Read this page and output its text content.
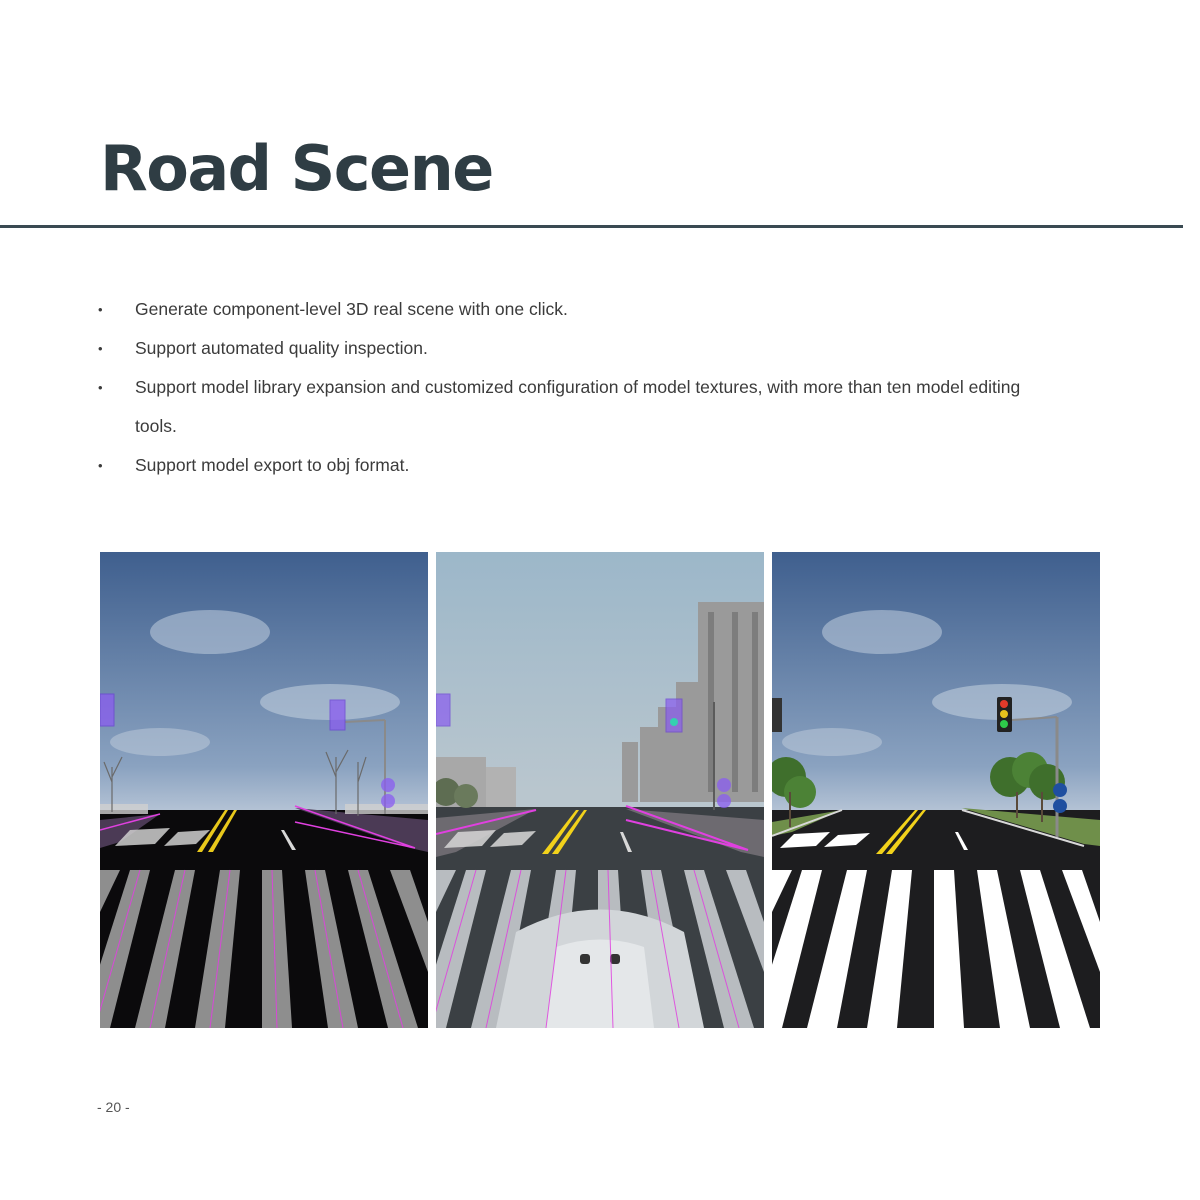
Road Scene
• Generate component-level 3D real scene with one click.
• Support automated quality inspection.
• Support model library expansion and customized configuration of model textures, with more than ten model editing tools.
• Support model export to obj format.
- 20 -
